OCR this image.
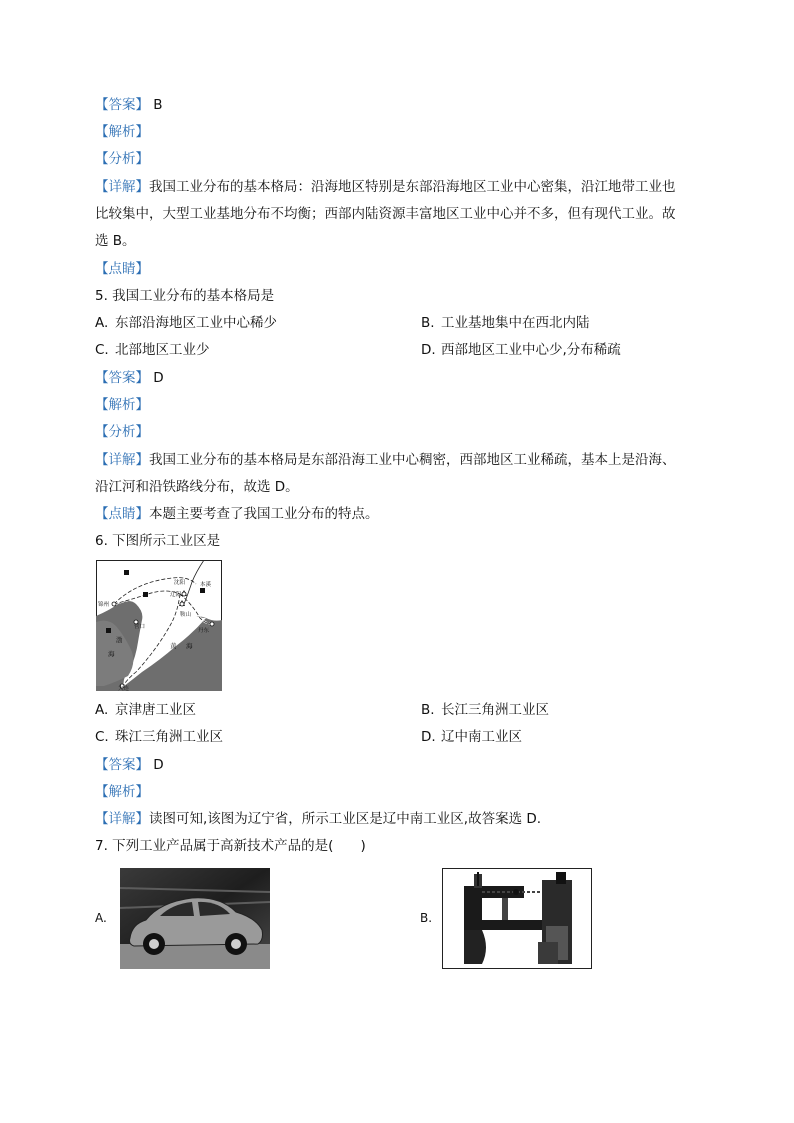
【答案】 B
【解析】
【分析】
【详解】我国工业分布的基本格局：沿海地区特别是东部沿海地区工业中心密集，沿江地带工业也
比较集中，大型工业基地分布不均衡；西部内陆资源丰富地区工业中心并不多，但有现代工业。故
选 B。
【点睛】
5. 我国工业分布的基本格局是
A. 东部沿海地区工业中心稀少	B. 工业基地集中在西北内陆
C. 北部地区工业少	D. 西部地区工业中心少,分布稀疏
【答案】 D
【解析】
【分析】
【详解】我国工业分布的基本格局是东部沿海工业中心稠密，西部地区工业稀疏，基本上是沿海、
沿江河和沿铁路线分布，故选 D。
【点睛】本题主要考查了我国工业分布的特点。
6. 下图所示工业区是
沈阳	本溪
辽阳
鞍山
锦州
营口
丹东
大连
渤
海
黄 海
A. 京津唐工业区	B. 长江三角洲工业区
C. 珠江三角洲工业区	D. 辽中南工业区
【答案】 D
【解析】
【详解】读图可知,该图为辽宁省，所示工业区是辽中南工业区,故答案选 D.
7. 下列工业产品属于高新技术产品的是(　　)
A.	B.
